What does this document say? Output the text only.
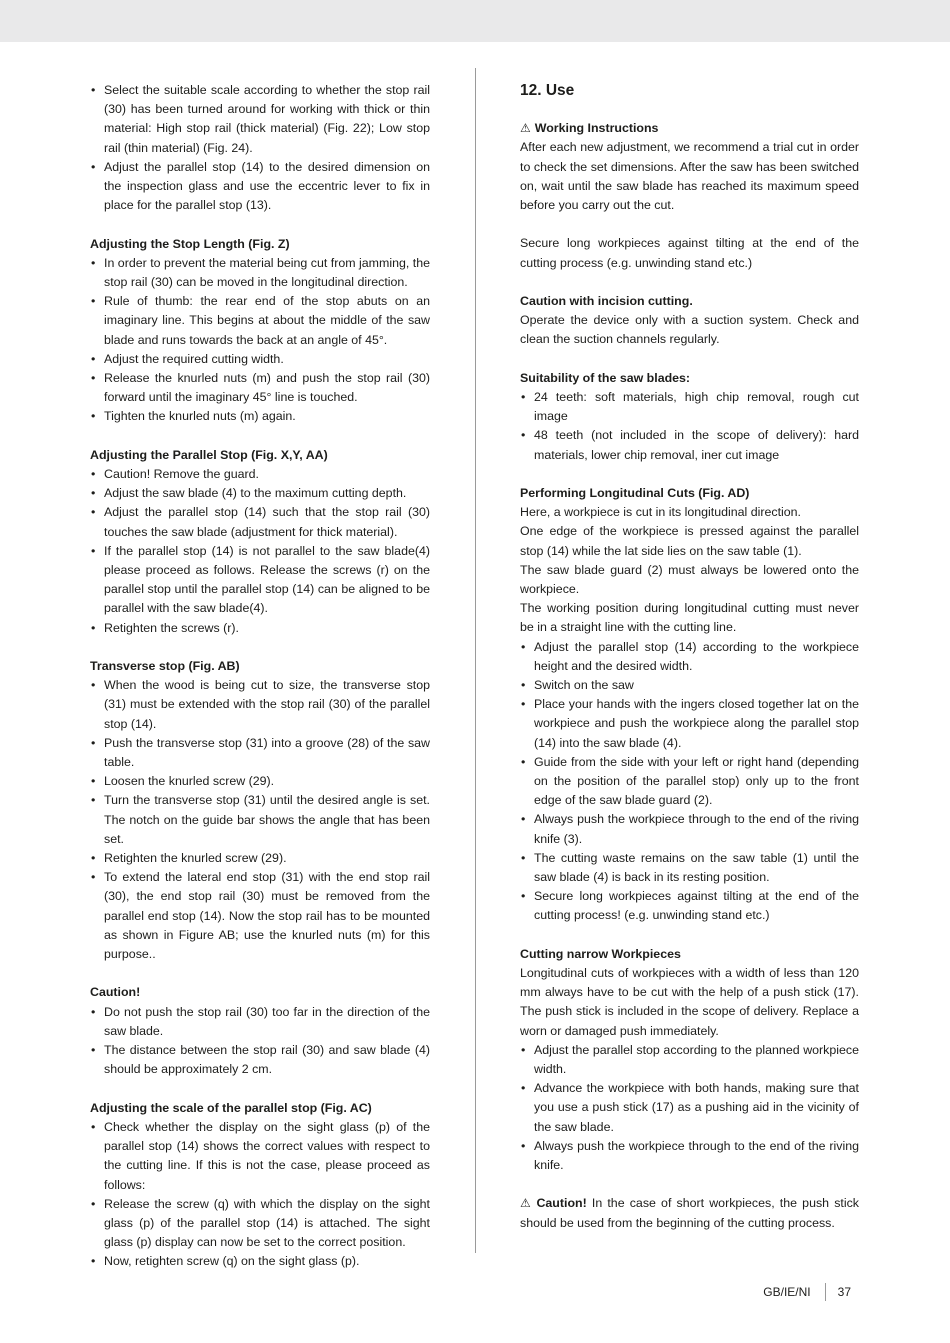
• Select the suitable scale according to whether the stop rail (30) has been turned around for working with thick or thin material: High stop rail (thick material) (Fig. 22); Low stop rail (thin material) (Fig. 24).
• Adjust the parallel stop (14) to the desired dimension on the inspection glass and use the eccentric lever to fix in place for the parallel stop (13).

Adjusting the Stop Length (Fig. Z)

• In order to prevent the material being cut from jamming, the stop rail (30) can be moved in the longitudinal direction.
• Rule of thumb: the rear end of the stop abuts on an imaginary line. This begins at about the middle of the saw blade and runs towards the back at an angle of 45°.
• Adjust the required cutting width.
• Release the knurled nuts (m) and push the stop rail (30) forward until the imaginary 45° line is touched.
• Tighten the knurled nuts (m) again.

Adjusting the Parallel Stop (Fig. X,Y, AA)

• Caution! Remove the guard.
• Adjust the saw blade (4) to the maximum cutting depth.
• Adjust the parallel stop (14) such that the stop rail (30) touches the saw blade (adjustment for thick material).
• If the parallel stop (14) is not parallel to the saw blade(4) please proceed as follows. Release the screws (r) on the parallel stop until the parallel stop (14) can be aligned to be parallel with the saw blade(4).
• Retighten the screws (r).

Transverse stop (Fig. AB)

• When the wood is being cut to size, the transverse stop (31) must be extended with the stop rail (30) of the parallel stop (14).
• Push the transverse stop (31) into a groove (28) of the saw table.
• Loosen the knurled screw (29).
• Turn the transverse stop (31) until the desired angle is set. The notch on the guide bar shows the angle that has been set.
• Retighten the knurled screw (29).
• To extend the lateral end stop (31) with the end stop rail (30), the end stop rail (30) must be removed from the parallel end stop (14). Now the stop rail has to be mounted as shown in Figure AB; use the knurled nuts (m) for this purpose..

Caution!

• Do not push the stop rail (30) too far in the direction of the saw blade.
• The distance between the stop rail (30) and saw blade (4) should be approximately 2 cm.

Adjusting the scale of the parallel stop (Fig. AC)

• Check whether the display on the sight glass (p) of the parallel stop (14) shows the correct values with respect to the cutting line. If this is not the case, please proceed as follows:
• Release the screw (q) with which the display on the sight glass (p) of the parallel stop (14) is attached. The sight glass (p) display can now be set to the correct position.
• Now, retighten screw (q) on the sight glass (p).
12. Use

⚠ Working Instructions

After each new adjustment, we recommend a trial cut in order to check the set dimensions. After the saw has been switched on, wait until the saw blade has reached its maximum speed before you carry out the cut.

Secure long workpieces against tilting at the end of the cutting process (e.g. unwinding stand etc.)

Caution with incision cutting.

Operate the device only with a suction system. Check and clean the suction channels regularly.

Suitability of the saw blades:

• 24 teeth: soft materials, high chip removal, rough cut image
• 48 teeth (not included in the scope of delivery): hard materials, lower chip removal, iner cut image

Performing Longitudinal Cuts (Fig. AD)

Here, a workpiece is cut in its longitudinal direction.

One edge of the workpiece is pressed against the parallel stop (14) while the lat side lies on the saw table (1).

The saw blade guard (2) must always be lowered onto the workpiece.

The working position during longitudinal cutting must never be in a straight line with the cutting line.

• Adjust the parallel stop (14) according to the workpiece height and the desired width.
• Switch on the saw
• Place your hands with the ingers closed together lat on the workpiece and push the workpiece along the parallel stop (14) into the saw blade (4).
• Guide from the side with your left or right hand (depending on the position of the parallel stop) only up to the front edge of the saw blade guard (2).
• Always push the workpiece through to the end of the riving knife (3).
• The cutting waste remains on the saw table (1) until the saw blade (4) is back in its resting position.
• Secure long workpieces against tilting at the end of the cutting process! (e.g. unwinding stand etc.)

Cutting narrow Workpieces

Longitudinal cuts of workpieces with a width of less than 120 mm always have to be cut with the help of a push stick (17). The push stick is included in the scope of delivery. Replace a worn or damaged push immediately.

• Adjust the parallel stop according to the planned workpiece width.
• Advance the workpiece with both hands, making sure that you use a push stick (17) as a pushing aid in the vicinity of the saw blade.
• Always push the workpiece through to the end of the riving knife.

⚠ Caution! In the case of short workpieces, the push stick should be used from the beginning of the cutting process.

GB/IE/NI 37
